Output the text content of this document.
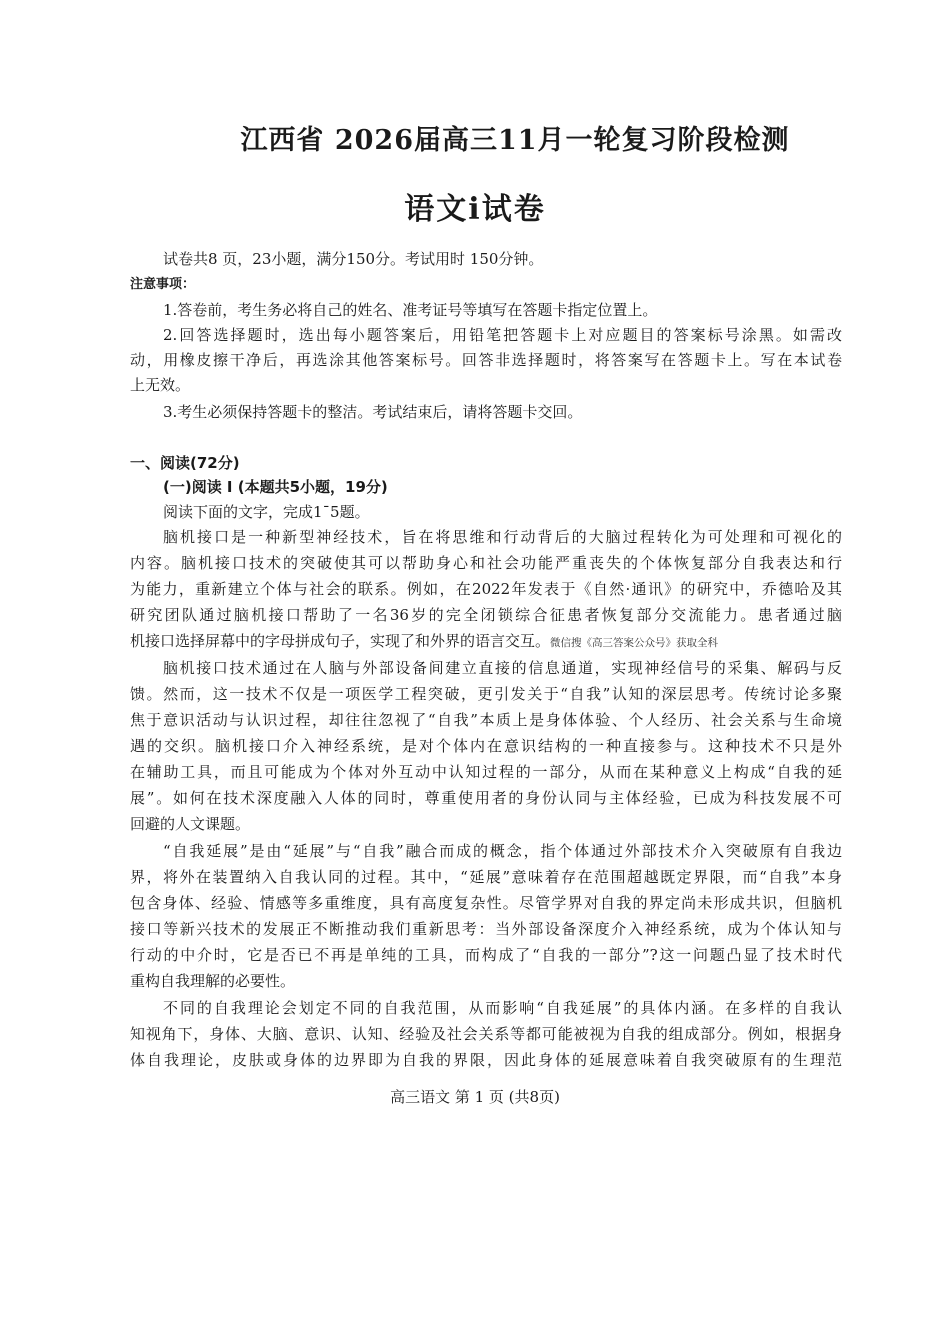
江西省 2026届高三11月一轮复习阶段检测
语文i试卷
试卷共8 页，23小题，满分150分。考试用时 150分钟。
注意事项：
1.答卷前，考生务必将自己的姓名、准考证号等填写在答题卡指定位置上。
2.回答选择题时，选出每小题答案后，用铅笔把答题卡上对应题目的答案标号涂黑。如需改
动，用橡皮擦干净后，再选涂其他答案标号。回答非选择题时，将答案写在答题卡上。写在本试卷
上无效。
3.考生必须保持答题卡的整洁。考试结束后，请将答题卡交回。
一、阅读(72分)
(一)阅读 I (本题共5小题，19分)
阅读下面的文字，完成1¯5题。
脑机接口是一种新型神经技术，旨在将思维和行动背后的大脑过程转化为可处理和可视化的
内容。脑机接口技术的突破使其可以帮助身心和社会功能严重丧失的个体恢复部分自我表达和行
为能力，重新建立个体与社会的联系。例如，在2022年发表于《自然·通讯》的研究中，乔德哈及其
研究团队通过脑机接口帮助了一名36岁的完全闭锁综合征患者恢复部分交流能力。患者通过脑
机接口选择屏幕中的字母拼成句子，实现了和外界的语言交互。微信搜《高三答案公众号》获取全科
脑机接口技术通过在人脑与外部设备间建立直接的信息通道，实现神经信号的采集、解码与反
馈。然而，这一技术不仅是一项医学工程突破，更引发关于“自我”认知的深层思考。传统讨论多聚
焦于意识活动与认识过程，却往往忽视了“自我”本质上是身体体验、个人经历、社会关系与生命境
遇的交织。脑机接口介入神经系统，是对个体内在意识结构的一种直接参与。这种技术不只是外
在辅助工具，而且可能成为个体对外互动中认知过程的一部分，从而在某种意义上构成“自我的延
展”。如何在技术深度融入人体的同时，尊重使用者的身份认同与主体经验，已成为科技发展不可
回避的人文课题。
“自我延展”是由“延展”与“自我”融合而成的概念，指个体通过外部技术介入突破原有自我边
界，将外在装置纳入自我认同的过程。其中，“延展”意味着存在范围超越既定界限，而“自我”本身
包含身体、经验、情感等多重维度，具有高度复杂性。尽管学界对自我的界定尚未形成共识，但脑机
接口等新兴技术的发展正不断推动我们重新思考：当外部设备深度介入神经系统，成为个体认知与
行动的中介时，它是否已不再是单纯的工具，而构成了“自我的一部分”?这一问题凸显了技术时代
重构自我理解的必要性。
不同的自我理论会划定不同的自我范围，从而影响“自我延展”的具体内涵。在多样的自我认
知视角下，身体、大脑、意识、认知、经验及社会关系等都可能被视为自我的组成部分。例如，根据身
体自我理论，皮肤或身体的边界即为自我的界限，因此身体的延展意味着自我突破原有的生理范
高三语文 第 1 页 (共8页)
